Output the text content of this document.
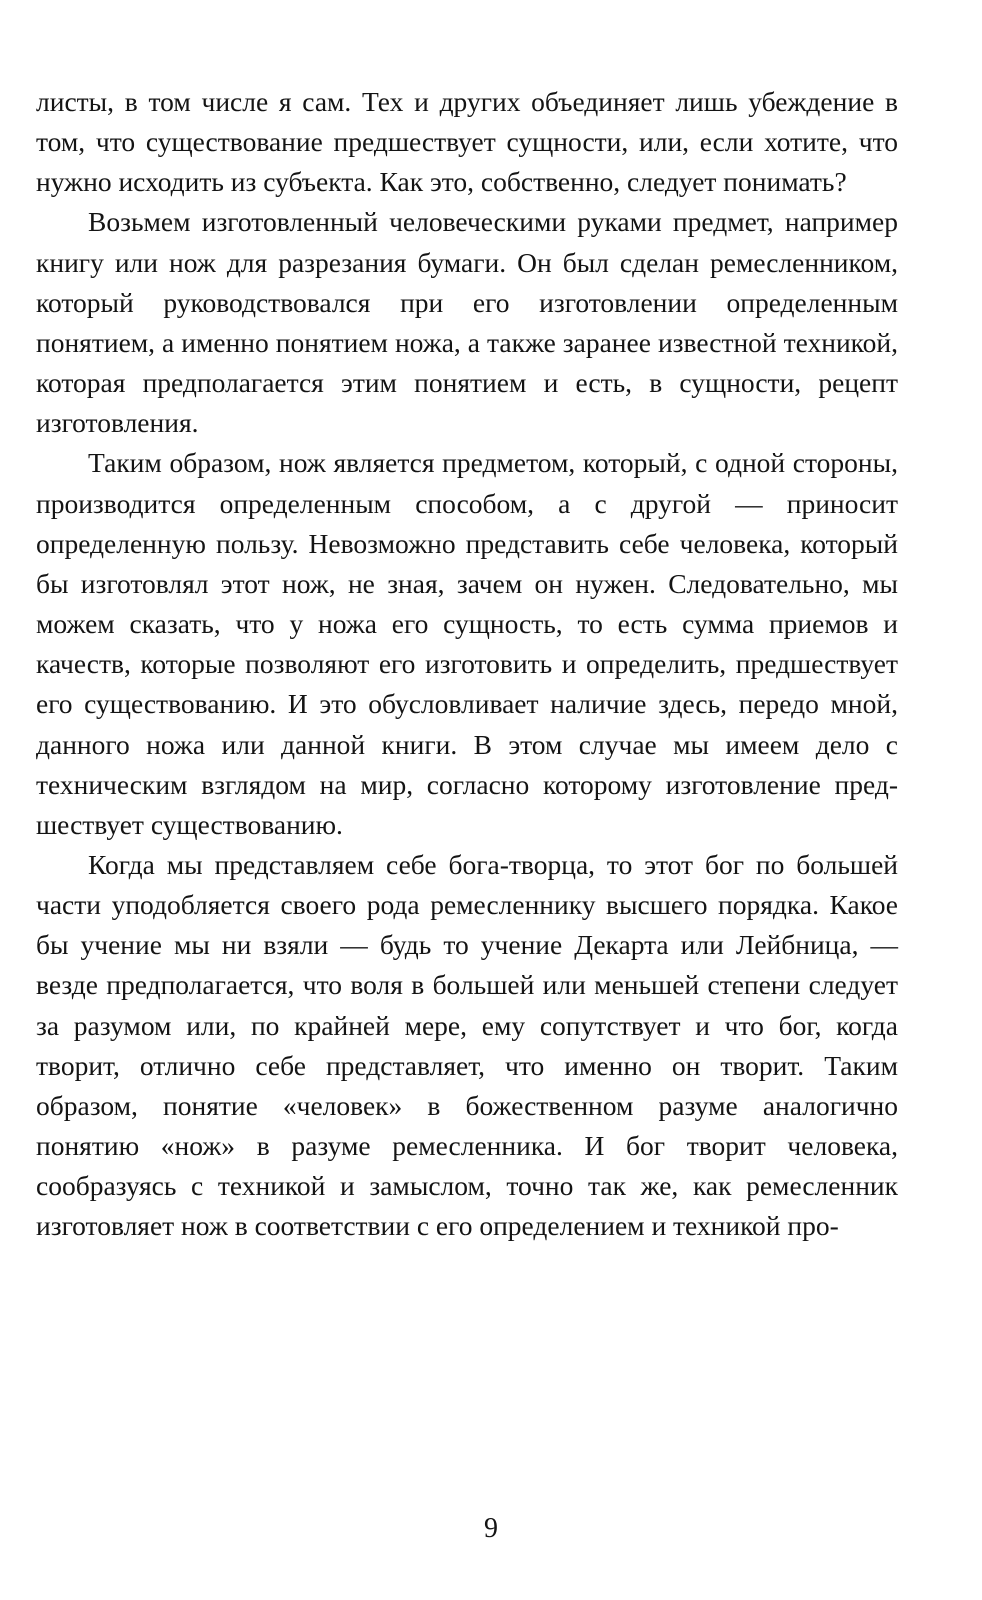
листы, в том числе я сам. Тех и других объединяет лишь убеждение в том, что существование предшествует сущности, или, если хотите, что нужно исходить из субъекта. Как это, собственно, следует понимать?

Возьмем изготовленный человеческими руками предмет, например книгу или нож для разрезания бумаги. Он был сделан ремесленником, который руководствовался при его изготовлении определенным понятием, а именно понятием ножа, а также заранее известной техникой, которая предполагается этим понятием и есть, в сущности, рецепт изготовления.

Таким образом, нож является предметом, который, с одной стороны, производится определенным способом, а с другой — приносит определенную пользу. Невозможно представить себе человека, который бы изготовлял этот нож, не зная, зачем он нужен. Следовательно, мы можем сказать, что у ножа его сущность, то есть сумма приемов и качеств, которые позволяют его изготовить и определить, предшествует его существованию. И это обусловливает наличие здесь, передо мной, данного ножа или данной книги. В этом случае мы имеем дело с техническим взглядом на мир, согласно которому изготовление предшествует существованию.

Когда мы представляем себе бога-творца, то этот бог по большей части уподобляется своего рода ремесленнику высшего порядка. Какое бы учение мы ни взяли — будь то учение Декарта или Лейбница, — везде предполагается, что воля в большей или меньшей степени следует за разумом или, по крайней мере, ему сопутствует и что бог, когда творит, отлично себе представляет, что именно он творит. Таким образом, понятие «человек» в божественном разуме аналогично понятию «нож» в разуме ремесленника. И бог творит человека, сообразуясь с техникой и замыслом, точно так же, как ремесленник изготовляет нож в соответствии с его определением и техникой про-

9
